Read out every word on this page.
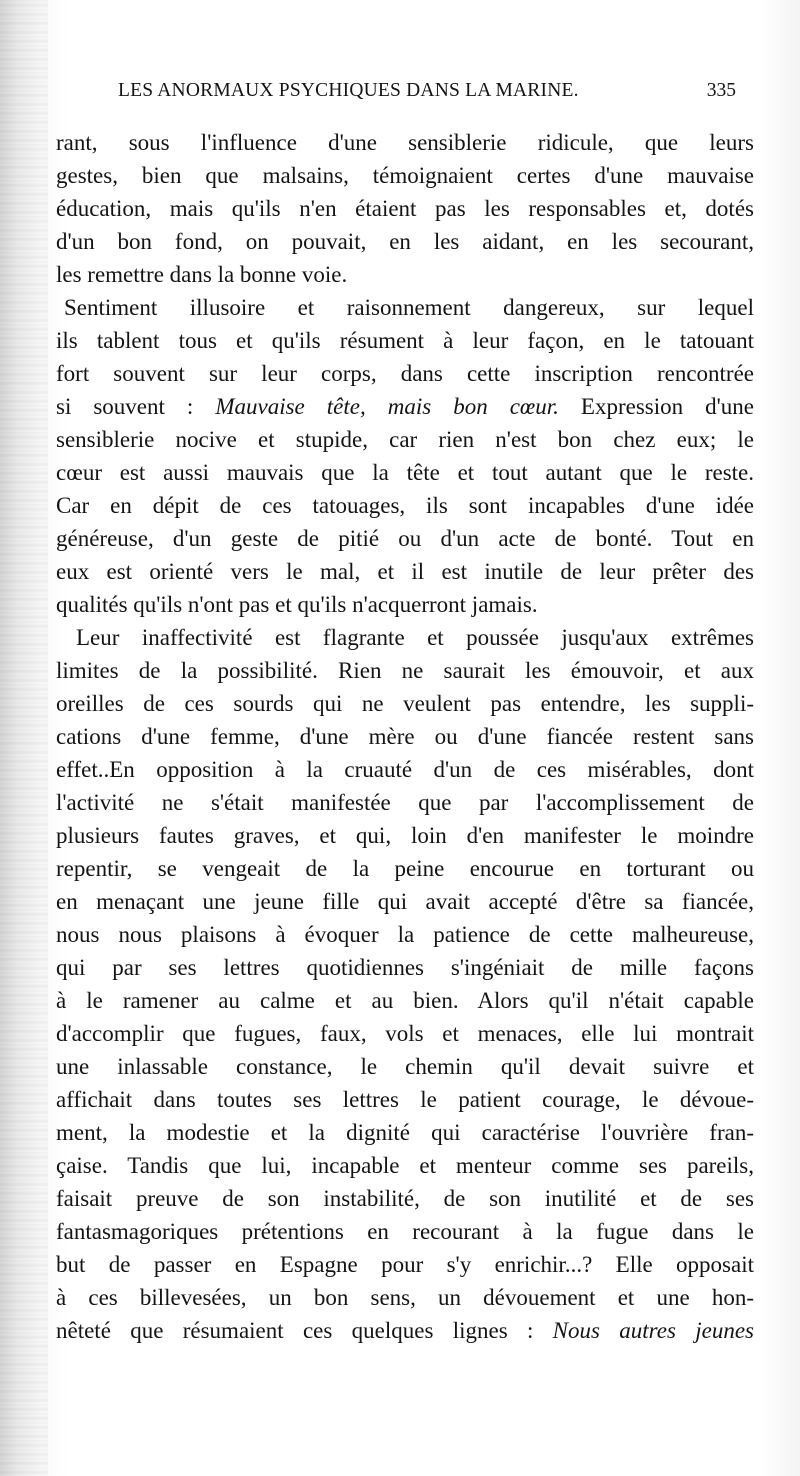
LES ANORMAUX PSYCHIQUES DANS LA MARINE.	335
rant, sous l'influence d'une sensiblerie ridicule, que leurs
gestes, bien que malsains, témoignaient certes d'une mauvaise
éducation, mais qu'ils n'en étaient pas les responsables et, dotés
d'un bon fond, on pouvait, en les aidant, en les secourant,
les remettre dans la bonne voie.
Sentiment illusoire et raisonnement dangereux, sur lequel
ils tablent tous et qu'ils résument à leur façon, en le tatouant
fort souvent sur leur corps, dans cette inscription rencontrée
si souvent : Mauvaise tête, mais bon cœur. Expression d'une
sensiblerie nocive et stupide, car rien n'est bon chez eux; le
cœur est aussi mauvais que la tête et tout autant que le reste.
Car en dépit de ces tatouages, ils sont incapables d'une idée
généreuse, d'un geste de pitié ou d'un acte de bonté. Tout en
eux est orienté vers le mal, et il est inutile de leur prêter des
qualités qu'ils n'ont pas et qu'ils n'acquerront jamais.
Leur inaffectivité est flagrante et poussée jusqu'aux extrêmes
limites de la possibilité. Rien ne saurait les émouvoir, et aux
oreilles de ces sourds qui ne veulent pas entendre, les suppli-
cations d'une femme, d'une mère ou d'une fiancée restent sans
effet..En opposition à la cruauté d'un de ces misérables, dont
l'activité ne s'était manifestée que par l'accomplissement de
plusieurs fautes graves, et qui, loin d'en manifester le moindre
repentir, se vengeait de la peine encourue en torturant ou
en menaçant une jeune fille qui avait accepté d'être sa fiancée,
nous nous plaisons à évoquer la patience de cette malheureuse,
qui par ses lettres quotidiennes s'ingéniait de mille façons
à le ramener au calme et au bien. Alors qu'il n'était capable
d'accomplir que fugues, faux, vols et menaces, elle lui montrait
une inlassable constance, le chemin qu'il devait suivre et
affichait dans toutes ses lettres le patient courage, le dévoue-
ment, la modestie et la dignité qui caractérise l'ouvrière fran-
çaise. Tandis que lui, incapable et menteur comme ses pareils,
faisait preuve de son instabilité, de son inutilité et de ses
fantasmagoriques prétentions en recourant à la fugue dans le
but de passer en Espagne pour s'y enrichir...? Elle opposait
à ces billevesées, un bon sens, un dévouement et une hon-
nêteté que résumaient ces quelques lignes : Nous autres jeunes
